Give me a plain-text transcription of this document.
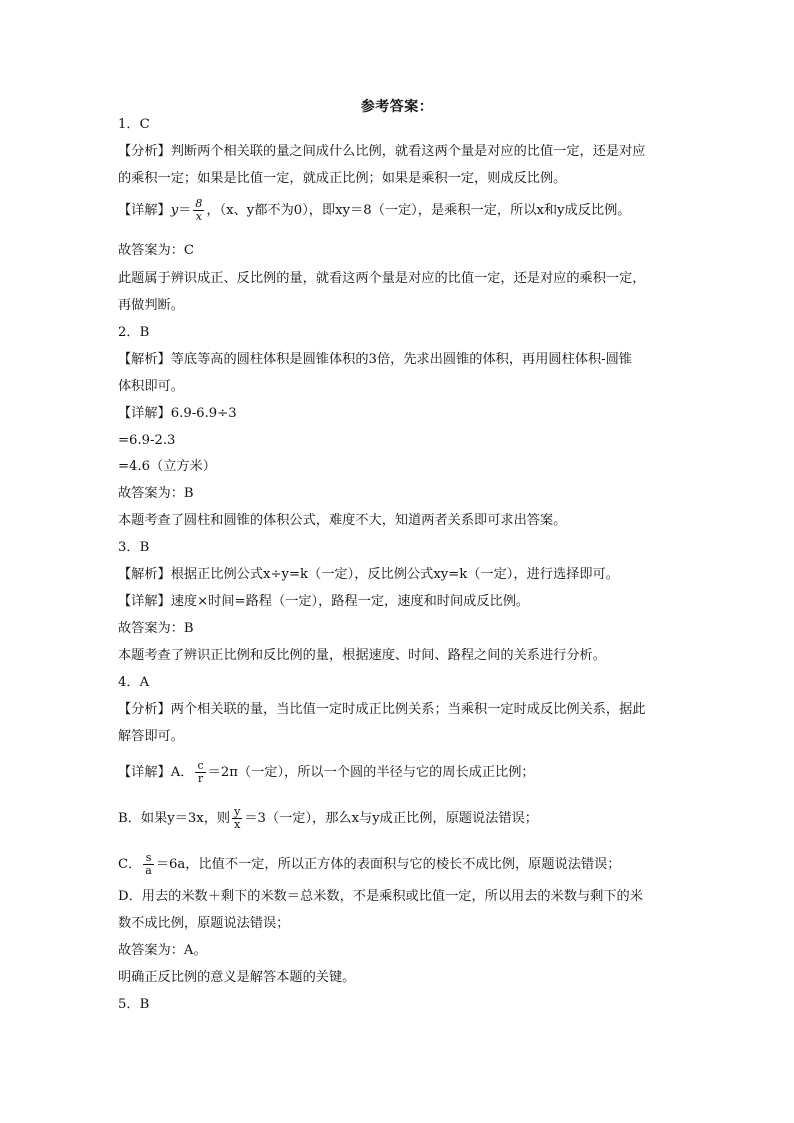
参考答案：
1．C
【分析】判断两个相关联的量之间成什么比例，就看这两个量是对应的比值一定，还是对应
的乘积一定；如果是比值一定，就成正比例；如果是乘积一定，则成反比例。
【详解】$y= \frac{8}{x}$ ，（x、y都不为0），即xy＝8（一定），是乘积一定，所以x和y成反比例。
故答案为：C
此题属于辨识成正、反比例的量，就看这两个量是对应的比值一定，还是对应的乘积一定，
再做判断。
2．B
【解析】等底等高的圆柱体积是圆锥体积的3倍，先求出圆锥的体积，再用圆柱体积-圆锥
体积即可。
【详解】6.9-6.9÷3
=6.9-2.3
=4.6（立方米）
故答案为：B
本题考查了圆柱和圆锥的体积公式，难度不大，知道两者关系即可求出答案。
3．B
【解析】根据正比例公式x÷y=k（一定），反比例公式xy=k（一定），进行选择即可。
【详解】速度×时间=路程（一定），路程一定，速度和时间成反比例。
故答案为：B
本题考查了辨识正比例和反比例的量，根据速度、时间、路程之间的关系进行分析。
4．A
【分析】两个相关联的量，当比值一定时成正比例关系；当乘积一定时成反比例关系，据此
解答即可。
【详解】A． $\frac{c}{r} =2\pi$（一定），所以一个圆的半径与它的周长成正比例；
B．如果y＝3x，则 $\frac{y}{x} =3$（一定），那么x与y成正比例，原题说法错误；
C． $\frac{s}{a} =6a$，比值不一定，所以正方体的表面积与它的棱长不成比例，原题说法错误；
D．用去的米数＋剩下的米数＝总米数，不是乘积或比值一定，所以用去的米数与剩下的米
数不成比例，原题说法错误；
故答案为：A。
明确正反比例的意义是解答本题的关键。
5．B
